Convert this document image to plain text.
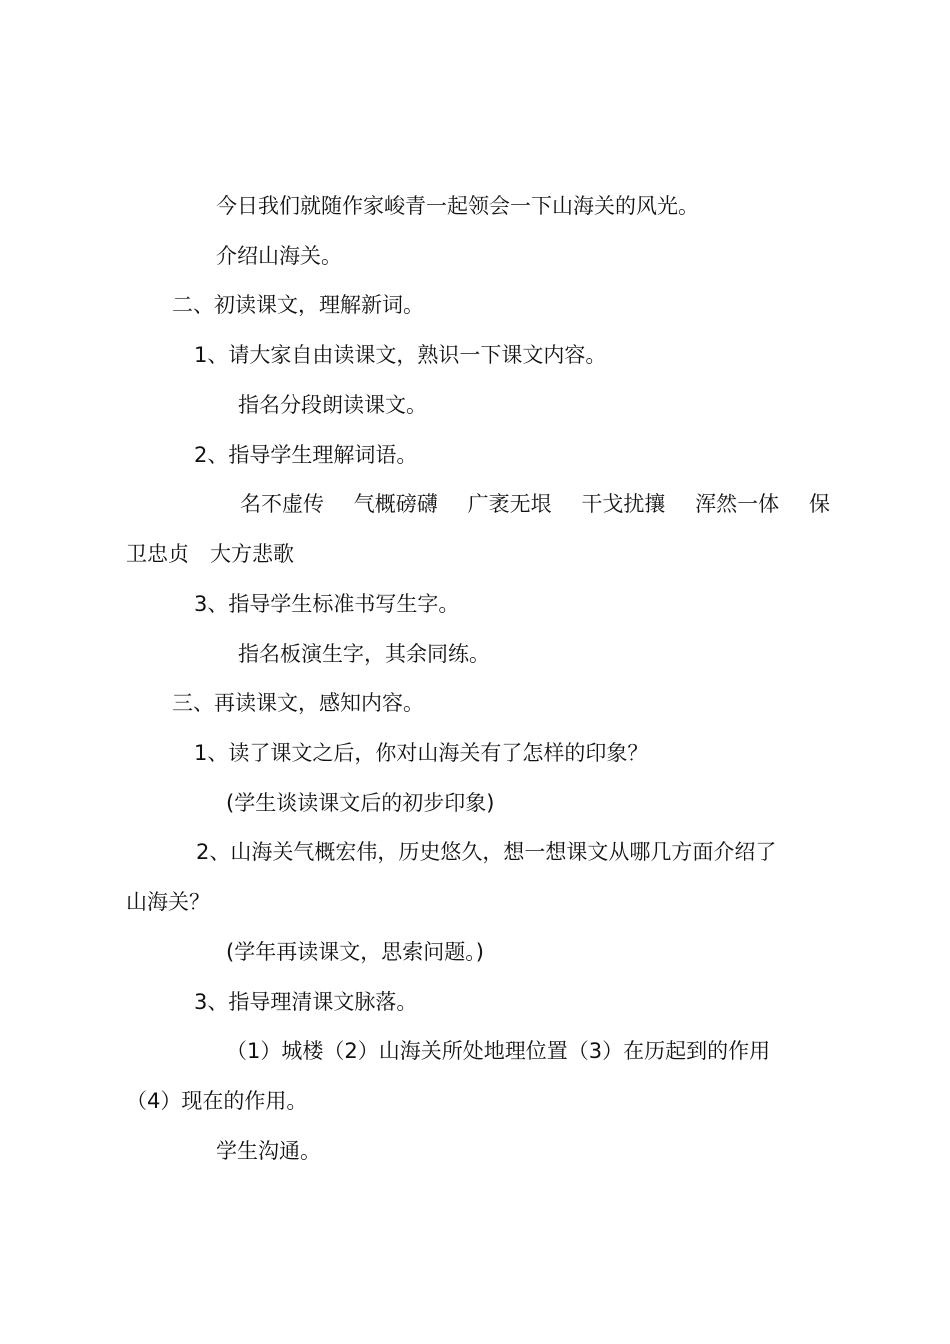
今日我们就随作家峻青一起领会一下山海关的风光。
介绍山海关。
二、初读课文，理解新词。
1、请大家自由读课文，熟识一下课文内容。
指名分段朗读课文。
2、指导学生理解词语。
名不虚传 气概磅礴 广袤无垠 干戈扰攘 浑然一体 保
卫忠贞　大方悲歌
3、指导学生标准书写生字。
指名板演生字，其余同练。
三、再读课文，感知内容。
1、读了课文之后，你对山海关有了怎样的印象？
(学生谈读课文后的初步印象)
2、山海关气概宏伟，历史悠久，想一想课文从哪几方面介绍了
山海关？
(学年再读课文，思索问题。)
3、指导理清课文脉落。
（1）城楼（2）山海关所处地理位置（3）在历起到的作用
（4）现在的作用。
学生沟通。
